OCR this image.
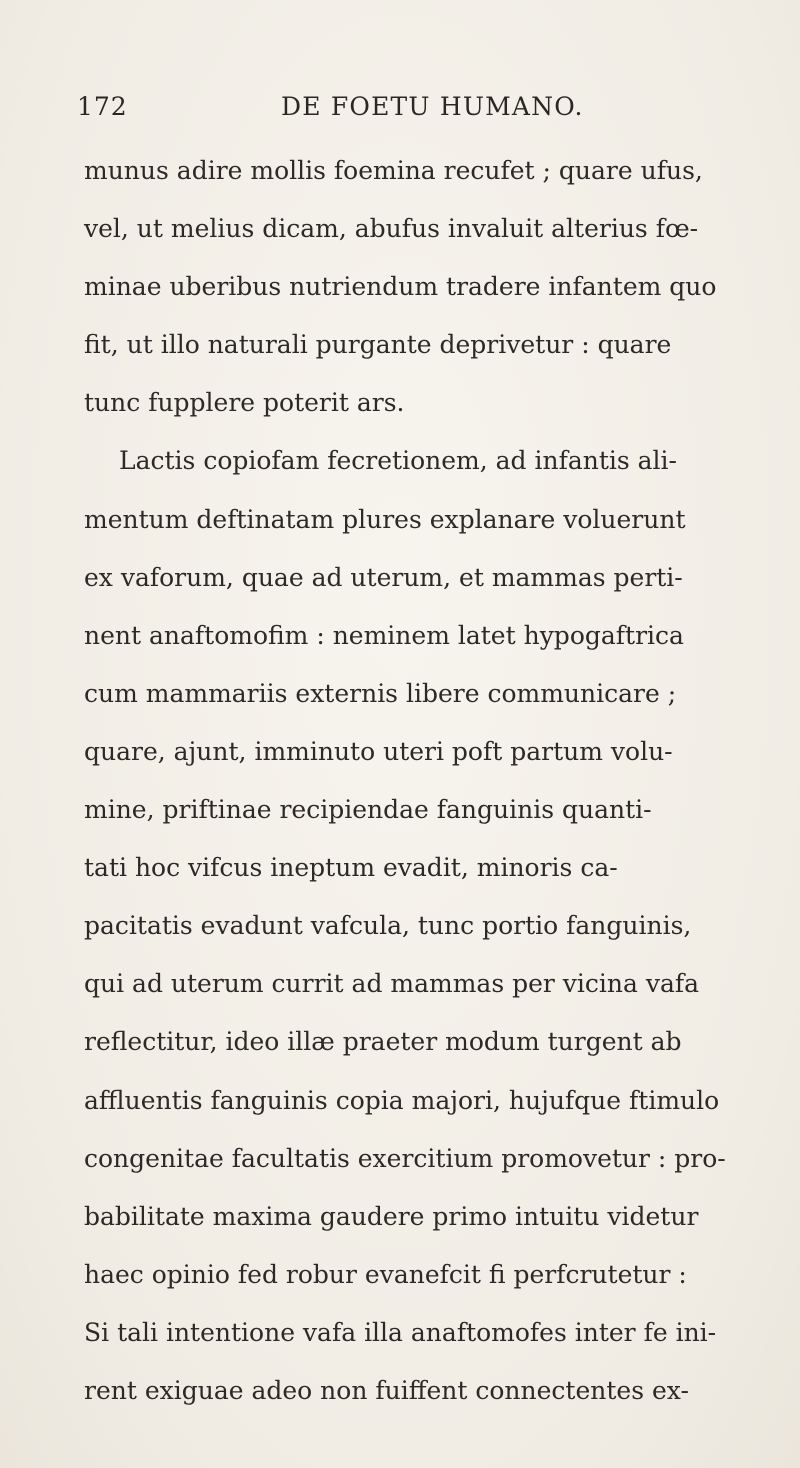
172	DE FOETU HUMANO.
munus adire mollis foemina recufet ; quare ufus,
vel, ut melius dicam, abufus invaluit alterius fœ-
minae uberibus nutriendum tradere infantem quo
fit, ut illo naturali purgante deprivetur : quare
tunc fupplere poterit ars.
Lactis copiofam fecretionem, ad infantis ali-
mentum deftinatam plures explanare voluerunt
ex vaforum, quae ad uterum, et mammas perti-
nent anaftomofim : neminem latet hypogaftrica
cum mammariis externis libere communicare ;
quare, ajunt, imminuto uteri poft partum volu-
mine, priftinae recipiendae fanguinis quanti-
tati hoc vifcus ineptum evadit, minoris ca-
pacitatis evadunt vafcula, tunc portio fanguinis,
qui ad uterum currit ad mammas per vicina vafa
reflectitur, ideo illæ praeter modum turgent ab
affluentis fanguinis copia majori, hujufque ftimulo
congenitae facultatis exercitium promovetur : pro-
babilitate maxima gaudere primo intuitu videtur
haec opinio fed robur evanefcit fi perfcrutetur :
Si tali intentione vafa illa anaftomofes inter fe ini-
rent exiguae adeo non fuiffent connectentes ex-
